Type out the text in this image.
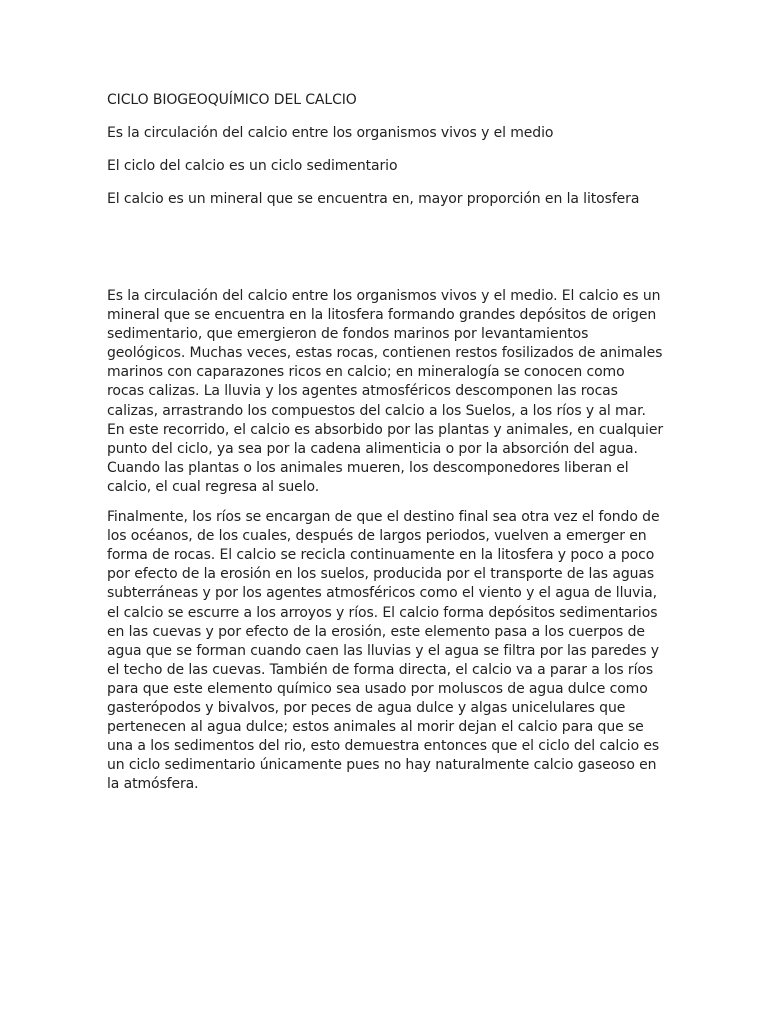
CICLO BIOGEOQUÍMICO DEL CALCIO

Es la circulación del calcio entre los organismos vivos y el medio

El ciclo del calcio es un ciclo sedimentario

El calcio es un mineral que se encuentra en, mayor proporción en la litosfera

Es la circulación del calcio entre los organismos vivos y el medio. El calcio es un mineral que se encuentra en la litosfera formando grandes depósitos de origen sedimentario, que emergieron de fondos marinos por levantamientos geológicos. Muchas veces, estas rocas, contienen restos fosilizados de animales marinos con caparazones ricos en calcio; en mineralogía se conocen como rocas calizas. La lluvia y los agentes atmosféricos descomponen las rocas calizas, arrastrando los compuestos del calcio a los Suelos, a los ríos y al mar. En este recorrido, el calcio es absorbido por las plantas y animales, en cualquier punto del ciclo, ya sea por la cadena alimenticia o por la absorción del agua. Cuando las plantas o los animales mueren, los descomponedores liberan el calcio, el cual regresa al suelo.

Finalmente, los ríos se encargan de que el destino final sea otra vez el fondo de los océanos, de los cuales, después de largos periodos, vuelven a emerger en forma de rocas. El calcio se recicla continuamente en la litosfera y poco a poco por efecto de la erosión en los suelos, producida por el transporte de las aguas subterráneas y por los agentes atmosféricos como el viento y el agua de lluvia, el calcio se escurre a los arroyos y ríos. El calcio forma depósitos sedimentarios en las cuevas y por efecto de la erosión, este elemento pasa a los cuerpos de agua que se forman cuando caen las lluvias y el agua se filtra por las paredes y el techo de las cuevas. También de forma directa, el calcio va a parar a los ríos para que este elemento químico sea usado por moluscos de agua dulce como gasterópodos y bivalvos, por peces de agua dulce y algas unicelulares que pertenecen al agua dulce; estos animales al morir dejan el calcio para que se una a los sedimentos del rio, esto demuestra entonces que el ciclo del calcio es un ciclo sedimentario únicamente pues no hay naturalmente calcio gaseoso en la atmósfera.
